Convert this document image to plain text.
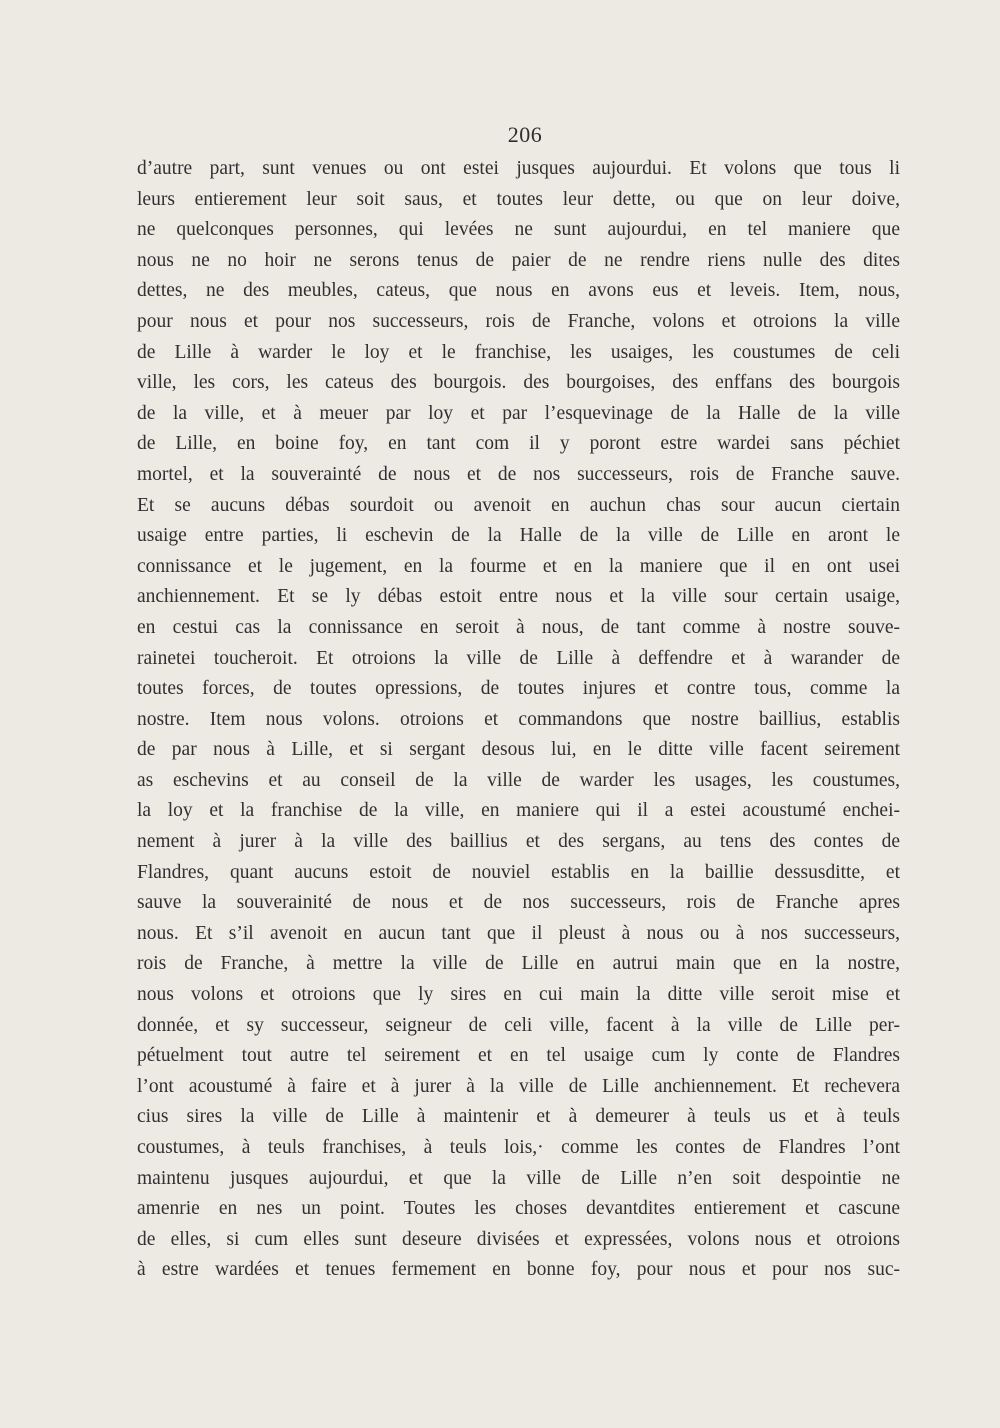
206
d’autre part, sunt venues ou ont estei jusques aujourdui. Et volons que tous li
leurs entierement leur soit saus, et toutes leur dette, ou que on leur doive,
ne quelconques personnes, qui levées ne sunt aujourdui, en tel maniere que
nous ne no hoir ne serons tenus de paier de ne rendre riens nulle des dites
dettes, ne des meubles, cateus, que nous en avons eus et leveis. Item, nous,
pour nous et pour nos successeurs, rois de Franche, volons et otroions la ville
de Lille à warder le loy et le franchise, les usaiges, les coustumes de celi
ville, les cors, les cateus des bourgois. des bourgoises, des enffans des bourgois
de la ville, et à meuer par loy et par l’esquevinage de la Halle de la ville
de Lille, en boine foy, en tant com il y poront estre wardei sans péchiet
mortel, et la souverainté de nous et de nos successeurs, rois de Franche sauve.
Et se aucuns débas sourdoit ou avenoit en auchun chas sour aucun ciertain
usaige entre parties, li eschevin de la Halle de la ville de Lille en aront le
connissance et le jugement, en la fourme et en la maniere que il en ont usei
anchiennement. Et se ly débas estoit entre nous et la ville sour certain usaige,
en cestui cas la connissance en seroit à nous, de tant comme à nostre souve-
rainetei toucheroit. Et otroions la ville de Lille à deffendre et à warander de
toutes forces, de toutes opressions, de toutes injures et contre tous, comme la
nostre. Item nous volons. otroions et commandons que nostre baillius, establis
de par nous à Lille, et si sergant desous lui, en le ditte ville facent seirement
as eschevins et au conseil de la ville de warder les usages, les coustumes,
la loy et la franchise de la ville, en maniere qui il a estei acoustumé enchei-
nement à jurer à la ville des baillius et des sergans, au tens des contes de
Flandres, quant aucuns estoit de nouviel establis en la baillie dessusditte, et
sauve la souverainité de nous et de nos successeurs, rois de Franche apres
nous. Et s’il avenoit en aucun tant que il pleust à nous ou à nos successeurs,
rois de Franche, à mettre la ville de Lille en autrui main que en la nostre,
nous volons et otroions que ly sires en cui main la ditte ville seroit mise et
donnée, et sy successeur, seigneur de celi ville, facent à la ville de Lille per-
pétuelment tout autre tel seirement et en tel usaige cum ly conte de Flandres
l’ont acoustumé à faire et à jurer à la ville de Lille anchiennement. Et rechevera
cius sires la ville de Lille à maintenir et à demeurer à teuls us et à teuls
coustumes, à teuls franchises, à teuls lois,· comme les contes de Flandres l’ont
maintenu jusques aujourdui, et que la ville de Lille n’en soit despointie ne
amenrie en nes un point. Toutes les choses devantdites entierement et cascune
de elles, si cum elles sunt deseure divisées et expressées, volons nous et otroions
à estre wardées et tenues fermement en bonne foy, pour nous et pour nos suc-
